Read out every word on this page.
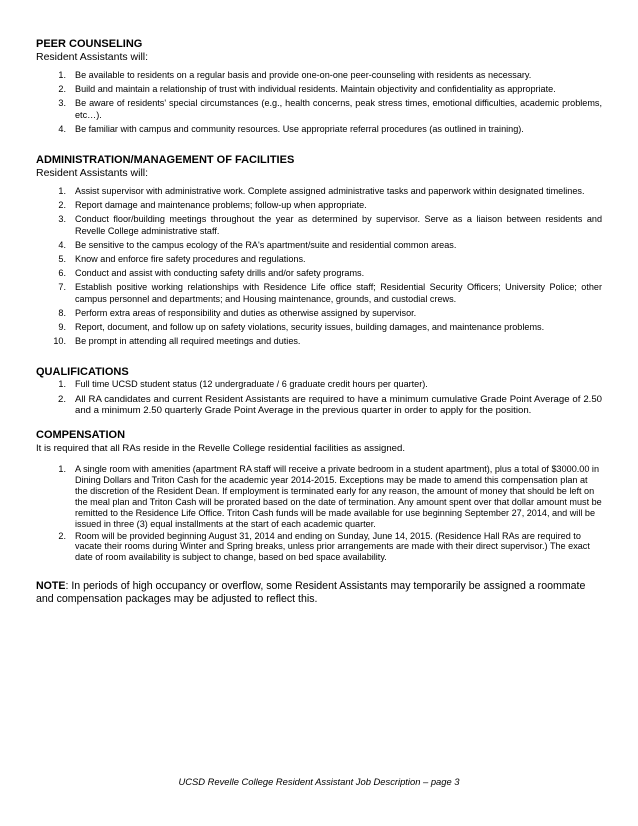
PEER COUNSELING

Resident Assistants will:

1. Be available to residents on a regular basis and provide one-on-one peer-counseling with residents as necessary.
2. Build and maintain a relationship of trust with individual residents. Maintain objectivity and confidentiality as appropriate.
3. Be aware of residents' special circumstances (e.g., health concerns, peak stress times, emotional difficulties, academic problems, etc…).
4. Be familiar with campus and community resources. Use appropriate referral procedures (as outlined in training).
ADMINISTRATION/MANAGEMENT OF FACILITIES

Resident Assistants will:

1. Assist supervisor with administrative work. Complete assigned administrative tasks and paperwork within designated timelines.
2. Report damage and maintenance problems; follow-up when appropriate.
3. Conduct floor/building meetings throughout the year as determined by supervisor. Serve as a liaison between residents and Revelle College administrative staff.
4. Be sensitive to the campus ecology of the RA's apartment/suite and residential common areas.
5. Know and enforce fire safety procedures and regulations.
6. Conduct and assist with conducting safety drills and/or safety programs.
7. Establish positive working relationships with Residence Life office staff; Residential Security Officers; University Police; other campus personnel and departments; and Housing maintenance, grounds, and custodial crews.
8. Perform extra areas of responsibility and duties as otherwise assigned by supervisor.
9. Report, document, and follow up on safety violations, security issues, building damages, and maintenance problems.
10. Be prompt in attending all required meetings and duties.
QUALIFICATIONS
1. Full time UCSD student status (12 undergraduate / 6 graduate credit hours per quarter).
2. All RA candidates and current Resident Assistants are required to have a minimum cumulative Grade Point Average of 2.50 and a minimum 2.50 quarterly Grade Point Average in the previous quarter in order to apply for the position.
COMPENSATION

It is required that all RAs reside in the Revelle College residential facilities as assigned.

1. A single room with amenities (apartment RA staff will receive a private bedroom in a student apartment), plus a total of $3000.00 in Dining Dollars and Triton Cash for the academic year 2014-2015. Exceptions may be made to amend this compensation plan at the discretion of the Resident Dean. If employment is terminated early for any reason, the amount of money that should be left on the meal plan and Triton Cash will be prorated based on the date of termination. Any amount spent over that dollar amount must be remitted to the Residence Life Office. Triton Cash funds will be made available for use beginning September 27, 2014, and will be issued in three (3) equal installments at the start of each academic quarter.
2. Room will be provided beginning August 31, 2014 and ending on Sunday, June 14, 2015. (Residence Hall RAs are required to vacate their rooms during Winter and Spring breaks, unless prior arrangements are made with their direct supervisor.) The exact date of room availability is subject to change, based on bed space availability.

NOTE: In periods of high occupancy or overflow, some Resident Assistants may temporarily be assigned a roommate and compensation packages may be adjusted to reflect this.

UCSD Revelle College Resident Assistant Job Description – page 3
